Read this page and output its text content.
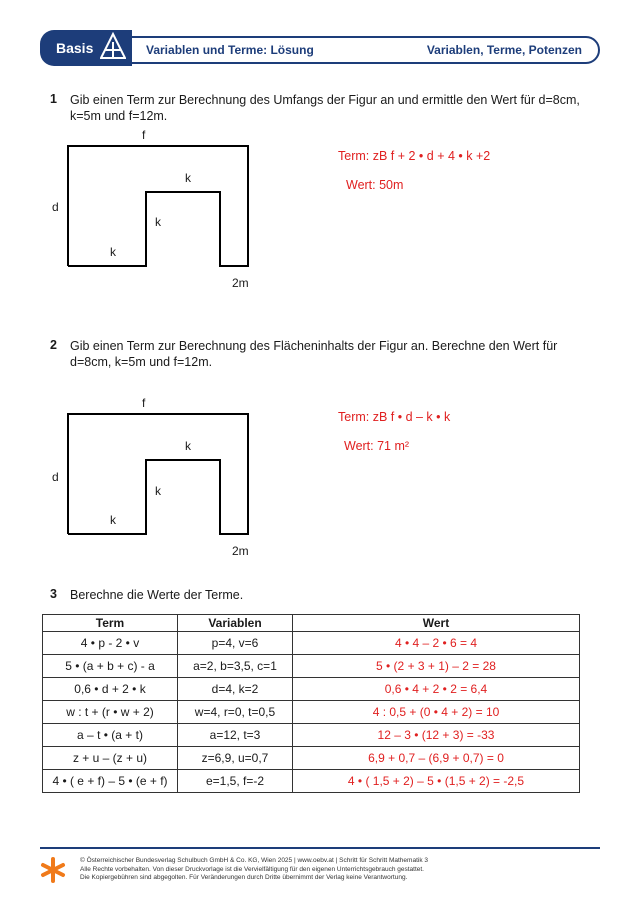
Basis	Variablen und Terme: Lösung	Variablen, Terme, Potenzen
1 Gib einen Term zur Berechnung des Umfangs der Figur an und ermittle den Wert für d=8cm, k=5m und f=12m.
f
d
k
k
k
2m
Term: zB f + 2 • d + 4 • k +2
Wert: 50m
2 Gib einen Term zur Berechnung des Flächeninhalts der Figur an. Berechne den Wert für d=8cm, k=5m und f=12m.
f
d
k
k
k
2m
Term: zB f • d – k • k
Wert: 71 m²
3 Berechne die Werte der Terme.
Term	Variablen	Wert
4 • p - 2 • v	p=4, v=6	4 • 4 – 2 • 6 = 4
5 • (a + b + c) - a	a=2, b=3,5, c=1	5 • (2 + 3 + 1) – 2 = 28
0,6 • d + 2 • k	d=4, k=2	0,6 • 4 + 2 • 2 = 6,4
w : t + (r • w + 2)	w=4, r=0, t=0,5	4 : 0,5 + (0 • 4 + 2) = 10
a – t • (a + t)	a=12, t=3	12 – 3 • (12 + 3) = -33
z + u – (z + u)	z=6,9, u=0,7	6,9 + 0,7 – (6,9 + 0,7) = 0
4 • ( e + f) – 5 • (e + f)	e=1,5, f=-2	4 • ( 1,5 + 2) – 5 • (1,5 + 2) = -2,5
© Österreichischer Bundesverlag Schulbuch GmbH & Co. KG, Wien 2025 | www.oebv.at | Schritt für Schritt Mathematik 3
Alle Rechte vorbehalten. Von dieser Druckvorlage ist die Vervielfältigung für den eigenen Unterrichtsgebrauch gestattet.
Die Kopiergebühren sind abgegolten. Für Veränderungen durch Dritte übernimmt der Verlag keine Verantwortung.
